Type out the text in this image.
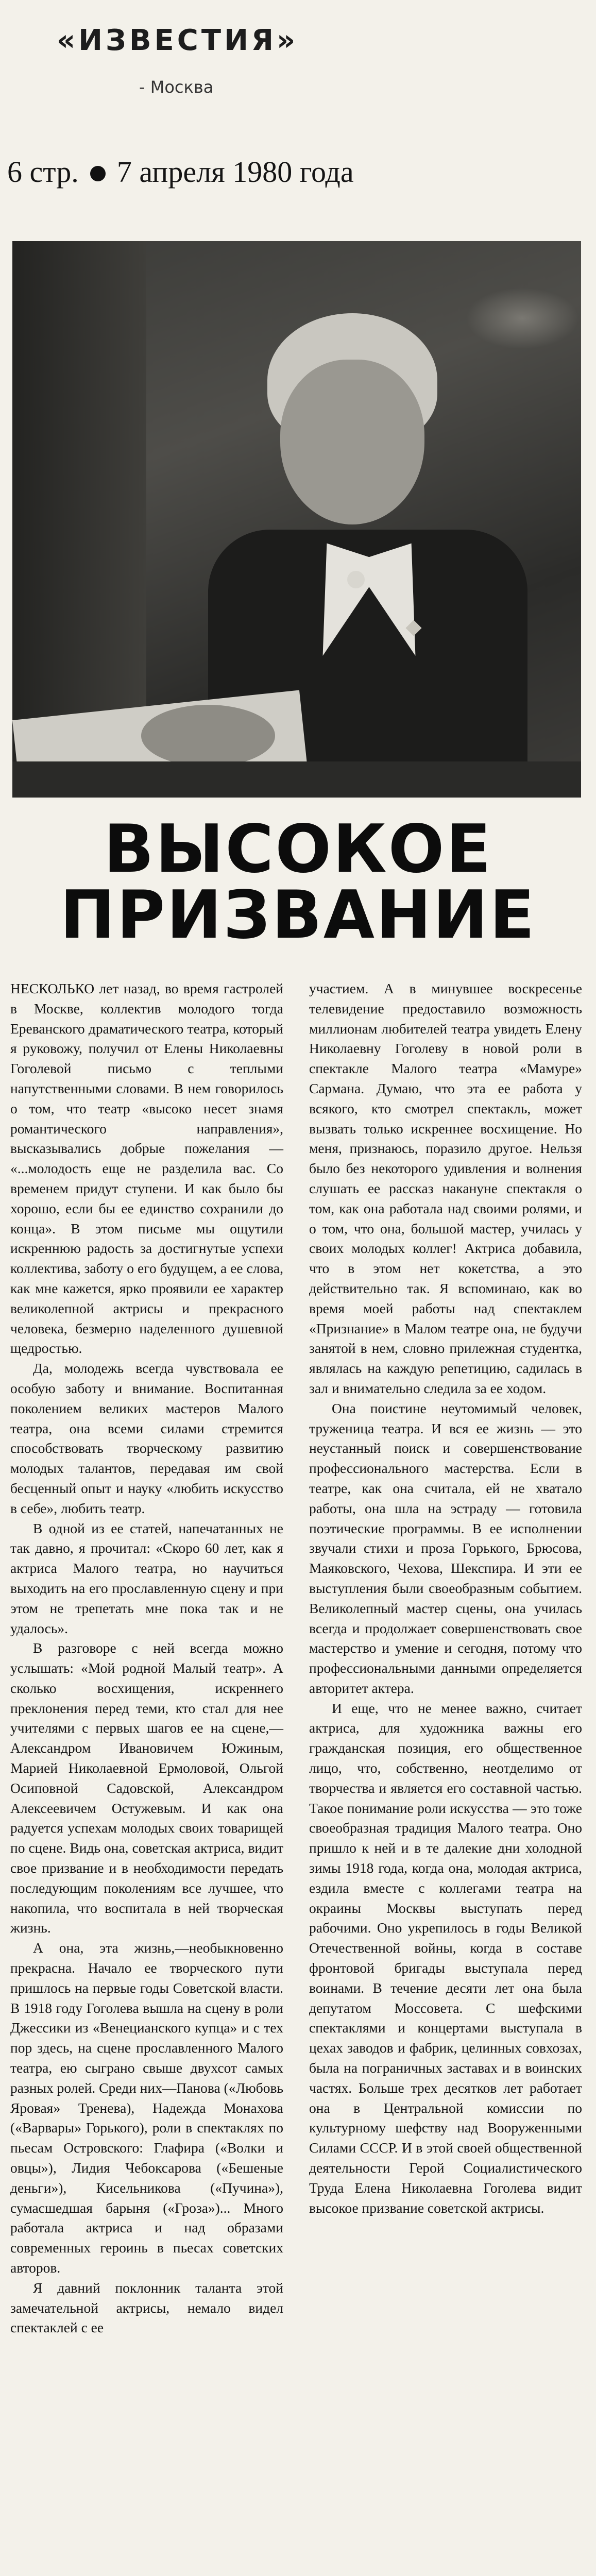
«ИЗВЕСТИЯ»
- Москва
6 стр. 7 апреля 1980 года
ВЫСОКОЕ
ПРИЗВАНИЕ

НЕСКОЛЬКО лет назад, во время гастролей в Москве, коллектив молодого тогда Ереванского драматического театра, который я руковожу, получил от Елены Николаевны Гоголевой письмо с теплыми напутственными словами. В нем говорилось о том, что театр «высоко несет знамя романтического направления», высказывались добрые пожелания — «...молодость еще не разделила вас. Со временем придут ступени. И как было бы хорошо, если бы ее единство сохранили до конца». В этом письме мы ощутили искреннюю радость за достигнутые успехи коллектива, заботу о его будущем, а ее слова, как мне кажется, ярко проявили ее характер великолепной актрисы и прекрасного человека, безмерно наделенного душевной щедростью.

Да, молодежь всегда чувствовала ее особую заботу и внимание. Воспитанная поколением великих мастеров Малого театра, она всеми силами стремится способствовать творческому развитию молодых талантов, передавая им свой бесценный опыт и науку «любить искусство в себе», любить театр.

В одной из ее статей, напечатанных не так давно, я прочитал: «Скоро 60 лет, как я актриса Малого театра, но научиться выходить на его прославленную сцену и при этом не трепетать мне пока так и не удалось».

В разговоре с ней всегда можно услышать: «Мой родной Малый театр». А сколько восхищения, искреннего преклонения перед теми, кто стал для нее учителями с первых шагов ее на сцене,—Александром Ивановичем Южиным, Марией Николаевной Ермоловой, Ольгой Осиповной Садовской, Александром Алексеевичем Остужевым. И как она радуется успехам молодых своих товарищей по сцене. Видь она, советская актриса, видит свое призвание и в необходимости передать последующим поколениям все лучшее, что накопила, что воспитала в ней творческая жизнь.

А она, эта жизнь,—необыкновенно прекрасна. Начало ее творческого пути пришлось на первые годы Советской власти. В 1918 году Гоголева вышла на сцену в роли Джессики из «Венецианского купца» и с тех пор здесь, на сцене прославленного Малого театра, ею сыграно свыше двухсот самых разных ролей. Среди них—Панова («Любовь Яровая» Тренева), Надежда Монахова («Варвары» Горького), роли в спектаклях по пьесам Островского: Глафира («Волки и овцы»), Лидия Чебоксарова («Бешеные деньги»), Кисельникова («Пучина»), сумасшедшая барыня («Гроза»)... Много работала актриса и над образами современных героинь в пьесах советских авторов.

Я давний поклонник таланта этой замечательной актрисы, немало видел спектаклей с ее

участием. А в минувшее воскресенье телевидение предоставило возможность миллионам любителей театра увидеть Елену Николаевну Гоголеву в новой роли в спектакле Малого театра «Мамуре» Сармана. Думаю, что эта ее работа у всякого, кто смотрел спектакль, может вызвать только искреннее восхищение. Но меня, признаюсь, поразило другое. Нельзя было без некоторого удивления и волнения слушать ее рассказ накануне спектакля о том, как она работала над своими ролями, и о том, что она, большой мастер, училась у своих молодых коллег! Актриса добавила, что в этом нет кокетства, а это действительно так. Я вспоминаю, как во время моей работы над спектаклем «Признание» в Малом театре она, не будучи занятой в нем, словно прилежная студентка, являлась на каждую репетицию, садилась в зал и внимательно следила за ее ходом.

Она поистине неутомимый человек, труженица театра. И вся ее жизнь — это неустанный поиск и совершенствование профессионального мастерства. Если в театре, как она считала, ей не хватало работы, она шла на эстраду — готовила поэтические программы. В ее исполнении звучали стихи и проза Горького, Брюсова, Маяковского, Чехова, Шекспира. И эти ее выступления были своеобразным событием. Великолепный мастер сцены, она училась всегда и продолжает совершенствовать свое мастерство и умение и сегодня, потому что профессиональными данными определяется авторитет актера.

И еще, что не менее важно, считает актриса, для художника важны его гражданская позиция, его общественное лицо, что, собственно, неотделимо от творчества и является его составной частью. Такое понимание роли искусства — это тоже своеобразная традиция Малого театра. Оно пришло к ней и в те далекие дни холодной зимы 1918 года, когда она, молодая актриса, ездила вместе с коллегами театра на окраины Москвы выступать перед рабочими. Оно укрепилось в годы Великой Отечественной войны, когда в составе фронтовой бригады выступала перед воинами. В течение десяти лет она была депутатом Моссовета. С шефскими спектаклями и концертами выступала в цехах заводов и фабрик, целинных совхозах, была на пограничных заставах и в воинских частях. Больше трех десятков лет работает она в Центральной комиссии по культурному шефству над Вооруженными Силами СССР. И в этой своей общественной деятельности Герой Социалистического Труда Елена Николаевна Гоголева видит высокое призвание советской актрисы.
